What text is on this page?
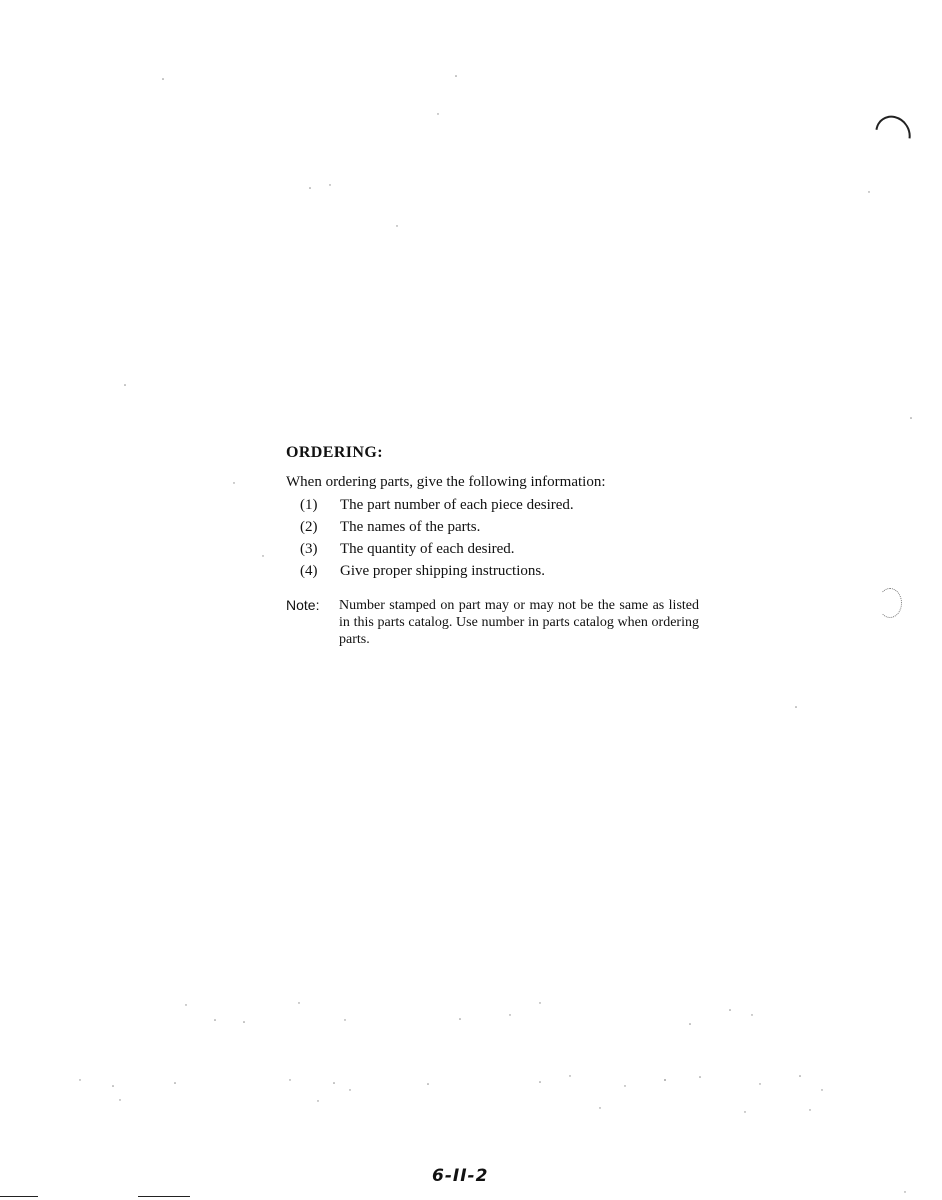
ORDERING:
When ordering parts, give the following information:
(1)	The part number of each piece desired.
(2)	The names of the parts.
(3)	The quantity of each desired.
(4)	Give proper shipping instructions.
Note: Number stamped on part may or may not be the same as listed in this parts catalog. Use number in parts catalog when ordering parts.
6-II-2
